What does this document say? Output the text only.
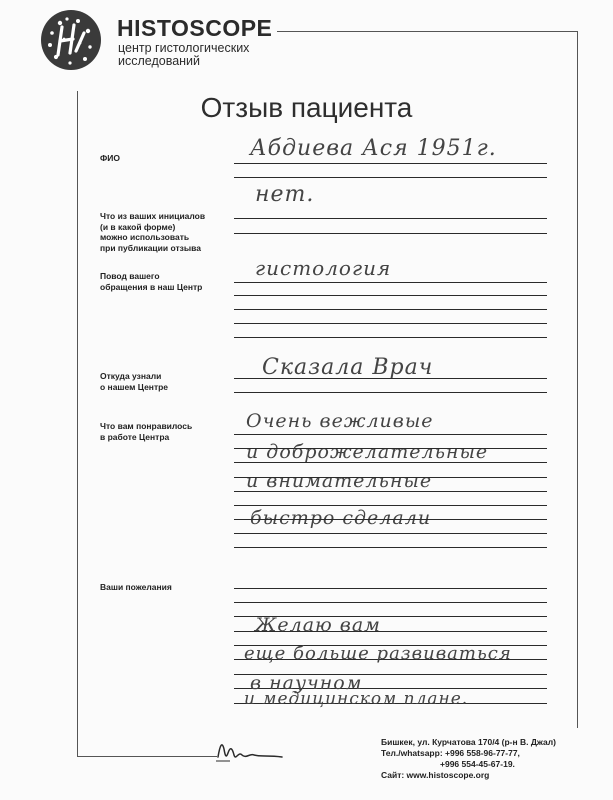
HISTOSCOPE
центр гистологических
исследований
Отзыв пациента
ФИО	Абдиева Ася 1951г.
Что из ваших инициалов
(и в какой форме)
можно использовать
при публикации отзыва
нет.
Повод вашего
обращения в наш Центр
гистология
Откуда узнали
о нашем Центре
Сказала Врач
Что вам понравилось
в работе Центра
Очень вежливые
и доброжелательные
и внимательные
быстро сделали
Ваши пожелания
Желаю вам
еще больше развиваться
в научном
и медицинском плане.
Бишкек, ул. Курчатова 170/4 (р-н В. Джал)
Тел./whatsapp: +996 558-96-77-77,
+996 554-45-67-19.
Сайт: www.histoscope.org
